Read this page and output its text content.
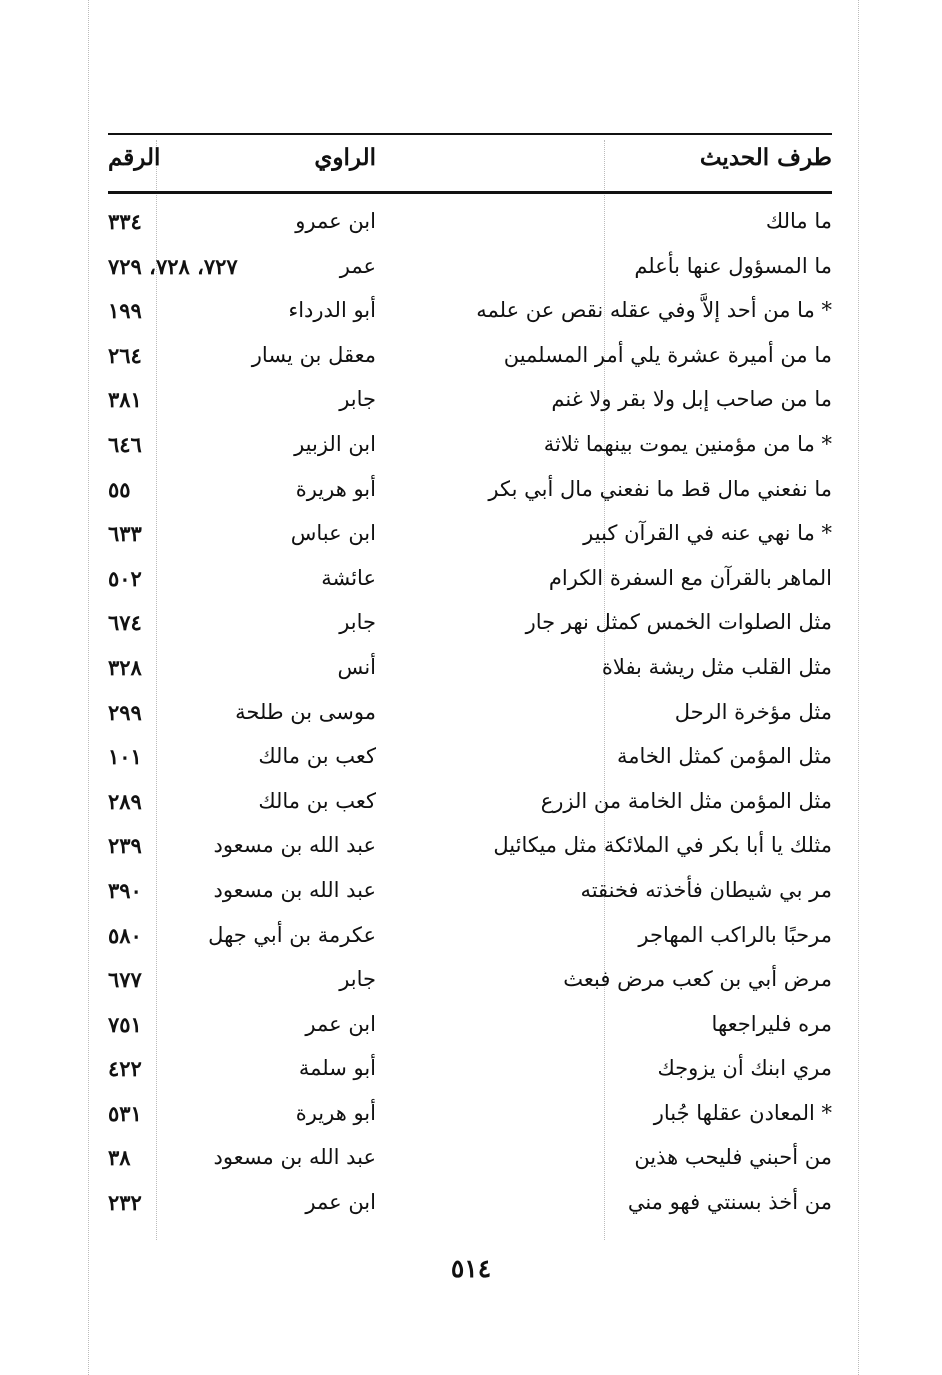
طرف الحديث
الراوي
الرقم
ما مالك
ابن عمرو
٣٣٤
ما المسؤول عنها بأعلم
عمر
٧٢٧، ٧٢٨، ٧٢٩
* ما من أحد إلاَّ وفي عقله نقص عن علمه
أبو الدرداء
١٩٩
ما من أميرة عشرة يلي أمر المسلمين
معقل بن يسار
٢٦٤
ما من صاحب إبل ولا بقر ولا غنم
جابر
٣٨١
* ما من مؤمنين يموت بينهما ثلاثة
ابن الزبير
٦٤٦
ما نفعني مال قط ما نفعني مال أبي بكر
أبو هريرة
٥٥
* ما نهي عنه في القرآن كبير
ابن عباس
٦٣٣
الماهر بالقرآن مع السفرة الكرام
عائشة
٥٠٢
مثل الصلوات الخمس كمثل نهر جار
جابر
٦٧٤
مثل القلب مثل ريشة بفلاة
أنس
٣٢٨
مثل مؤخرة الرحل
موسى بن طلحة
٢٩٩
مثل المؤمن كمثل الخامة
كعب بن مالك
١٠١
مثل المؤمن مثل الخامة من الزرع
كعب بن مالك
٢٨٩
مثلك يا أبا بكر في الملائكة مثل ميكائيل
عبد الله بن مسعود
٢٣٩
مر بي شيطان فأخذته فخنقته
عبد الله بن مسعود
٣٩٠
مرحبًا بالراكب المهاجر
عكرمة بن أبي جهل
٥٨٠
مرض أبي بن كعب مرض فبعث
جابر
٦٧٧
مره فليراجعها
ابن عمر
٧٥١
مري ابنك أن يزوجك
أبو سلمة
٤٢٢
* المعادن عقلها جُبار
أبو هريرة
٥٣١
من أحبني فليحب هذين
عبد الله بن مسعود
٣٨
من أخذ بسنتي فهو مني
ابن عمر
٢٣٢
٥١٤
